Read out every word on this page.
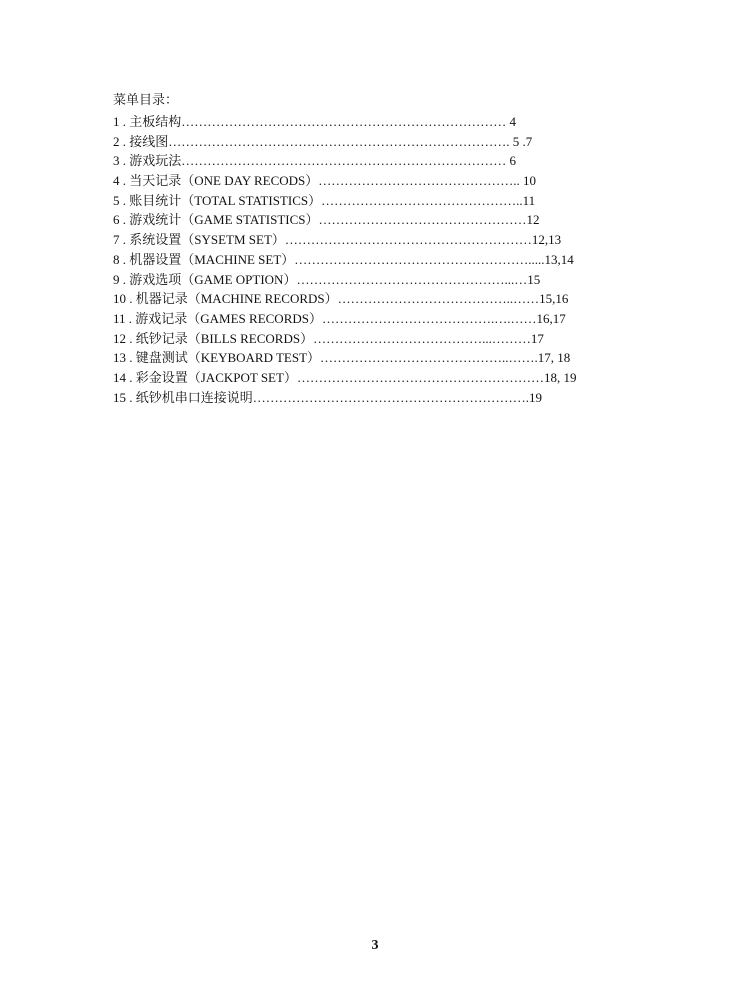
菜单目录：
1 . 主板结构………………………………………………………………… 4
2 . 接线图……………………………………………………………………. 5 .7
3 . 游戏玩法………………………………………………………………… 6
4 . 当天记录（ONE DAY RECODS）……………………………………….. 10
5 . 账目统计（TOTAL STATISTICS）………………………………………..11
6 . 游戏统计（GAME STATISTICS）…………………………………………12
7 . 系统设置（SYSETM SET）…………………………………………………12,13
8 . 机器设置（MACHINE SET）……………………………………………….....13,14
9 . 游戏选项（GAME OPTION）…………………………………………...…15
10 . 机器记录（MACHINE RECORDS）…………………………………..……15,16
11 . 游戏记录（GAMES RECORDS）………………………………….….……16,17
12 . 纸钞记录（BILLS RECORDS）…………………………………...………17
13 . 键盘测试（KEYBOARD TEST）……………………………………..…….17, 18
14 . 彩金设置（JACKPOT SET）…………………………………………………18, 19
15 . 纸钞机串口连接说明……………………………………………………….19
3
